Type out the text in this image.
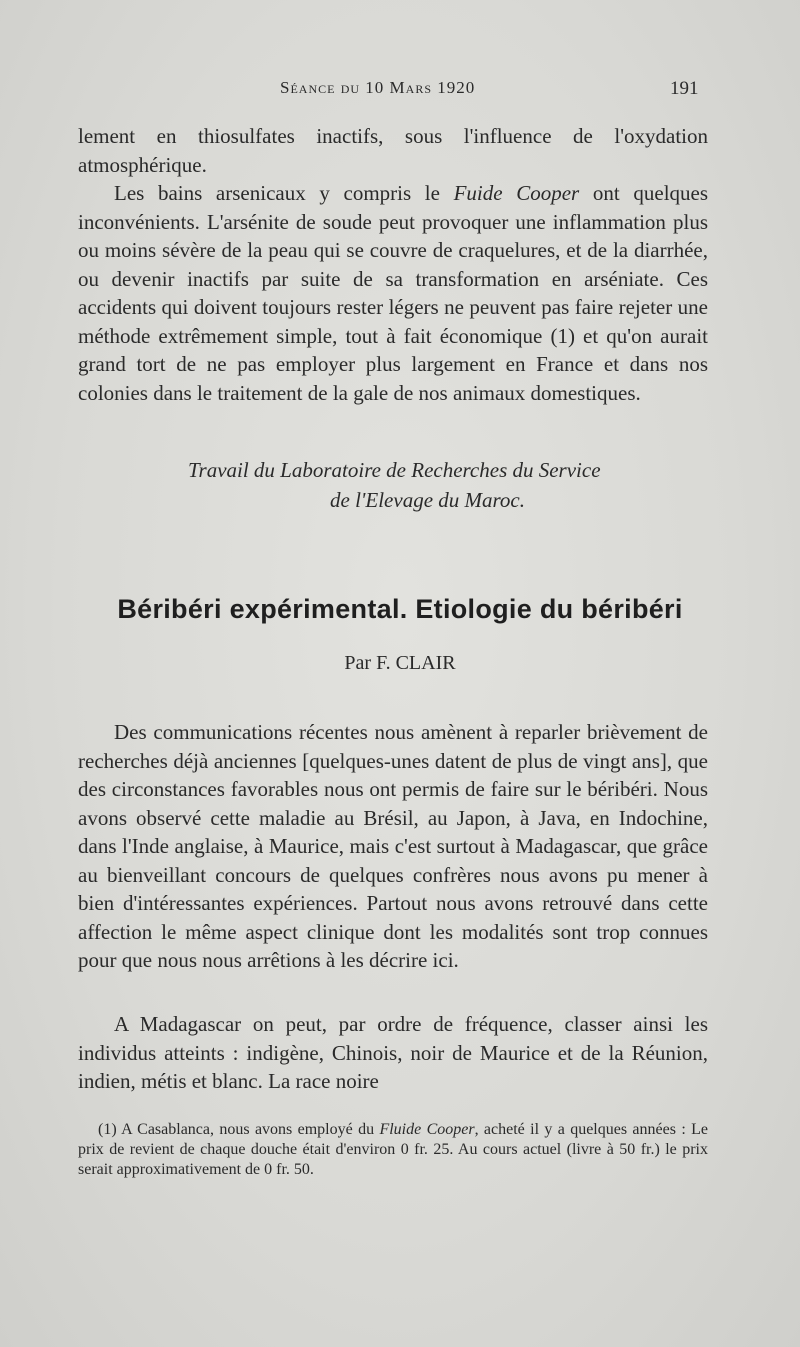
Séance du 10 Mars 1920	191

lement en thiosulfates inactifs, sous l'influence de l'oxydation atmosphérique.

Les bains arsenicaux y compris le Fuide Cooper ont quelques inconvénients. L'arsénite de soude peut provoquer une inflammation plus ou moins sévère de la peau qui se couvre de craquelures, et de la diarrhée, ou devenir inactifs par suite de sa transformation en arséniate. Ces accidents qui doivent toujours rester légers ne peuvent pas faire rejeter une méthode extrêmement simple, tout à fait économique (1) et qu'on aurait grand tort de ne pas employer plus largement en France et dans nos colonies dans le traitement de la gale de nos animaux domestiques.

Travail du Laboratoire de Recherches du Service
de l'Elevage du Maroc.
Béribéri expérimental. Etiologie du béribéri
Par F. CLAIR

Des communications récentes nous amènent à reparler brièvement de recherches déjà anciennes [quelques-unes datent de plus de vingt ans], que des circonstances favorables nous ont permis de faire sur le béribéri. Nous avons observé cette maladie au Brésil, au Japon, à Java, en Indochine, dans l'Inde anglaise, à Maurice, mais c'est surtout à Madagascar, que grâce au bienveillant concours de quelques confrères nous avons pu mener à bien d'intéressantes expériences. Partout nous avons retrouvé dans cette affection le même aspect clinique dont les modalités sont trop connues pour que nous nous arrêtions à les décrire ici.

A Madagascar on peut, par ordre de fréquence, classer ainsi les individus atteints : indigène, Chinois, noir de Maurice et de la Réunion, indien, métis et blanc. La race noire

(1) A Casablanca, nous avons employé du Fluide Cooper, acheté il y a quelques années : Le prix de revient de chaque douche était d'environ 0 fr. 25. Au cours actuel (livre à 50 fr.) le prix serait approximativement de 0 fr. 50.
